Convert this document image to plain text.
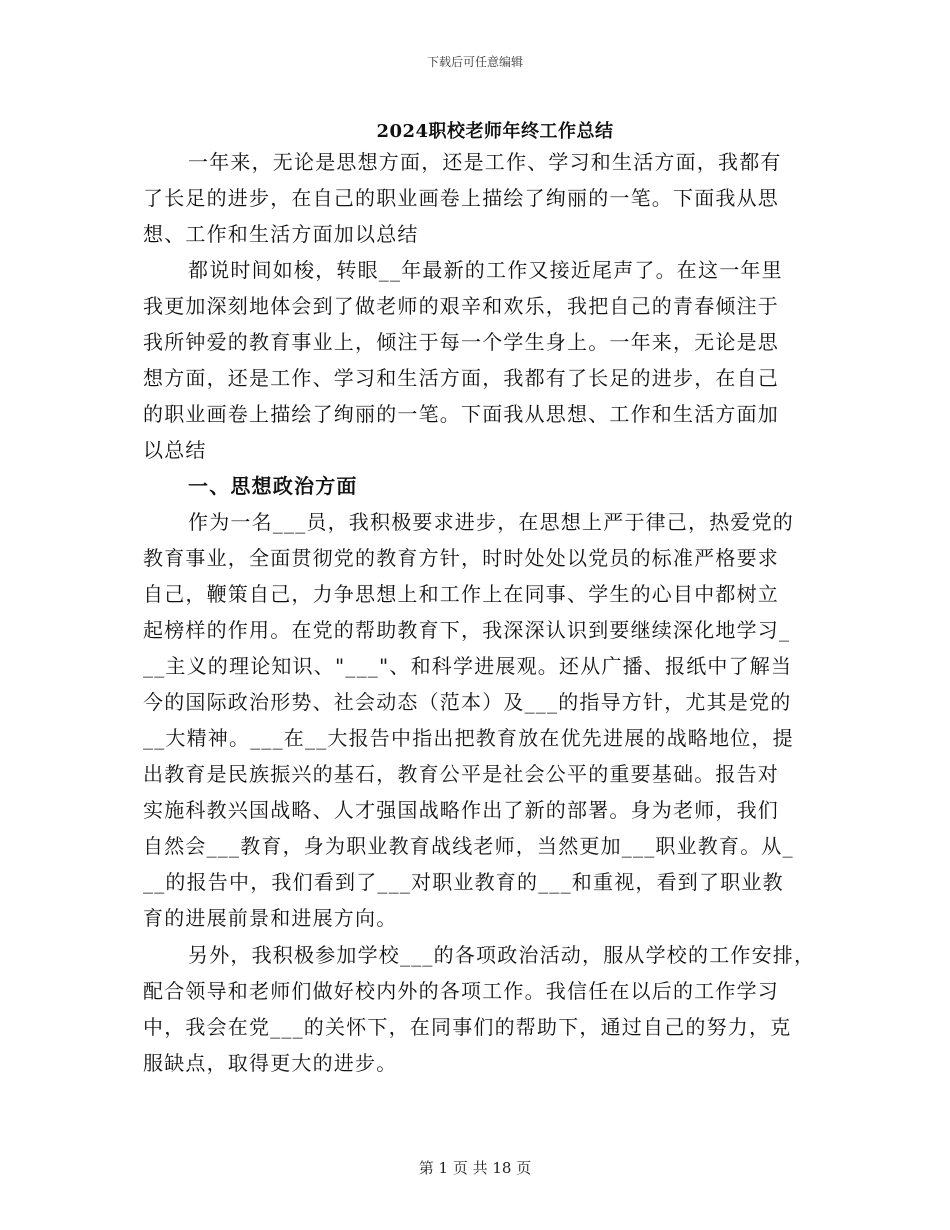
下载后可任意编辑
2024职校老师年终工作总结
一年来，无论是思想方面，还是工作、学习和生活方面，我都有
了长足的进步，在自己的职业画卷上描绘了绚丽的一笔。下面我从思
想、工作和生活方面加以总结
都说时间如梭，转眼__年最新的工作又接近尾声了。在这一年里
我更加深刻地体会到了做老师的艰辛和欢乐，我把自己的青春倾注于
我所钟爱的教育事业上，倾注于每一个学生身上。一年来，无论是思
想方面，还是工作、学习和生活方面，我都有了长足的进步，在自己
的职业画卷上描绘了绚丽的一笔。下面我从思想、工作和生活方面加
以总结
一、思想政治方面
作为一名___员，我积极要求进步，在思想上严于律己，热爱党的
教育事业，全面贯彻党的教育方针，时时处处以党员的标准严格要求
自己，鞭策自己，力争思想上和工作上在同事、学生的心目中都树立
起榜样的作用。在党的帮助教育下，我深深认识到要继续深化地学习_
__主义的理论知识、"___"、和科学进展观。还从广播、报纸中了解当
今的国际政治形势、社会动态（范本）及___的指导方针，尤其是党的
__大精神。___在__大报告中指出把教育放在优先进展的战略地位，提
出教育是民族振兴的基石，教育公平是社会公平的重要基础。报告对
实施科教兴国战略、人才强国战略作出了新的部署。身为老师，我们
自然会___教育，身为职业教育战线老师，当然更加___职业教育。从_
__的报告中，我们看到了___对职业教育的___和重视，看到了职业教
育的进展前景和进展方向。
另外，我积极参加学校___的各项政治活动，服从学校的工作安排，
配合领导和老师们做好校内外的各项工作。我信任在以后的工作学习
中，我会在党___的关怀下，在同事们的帮助下，通过自己的努力，克
服缺点，取得更大的进步。
第 1 页 共 18 页
